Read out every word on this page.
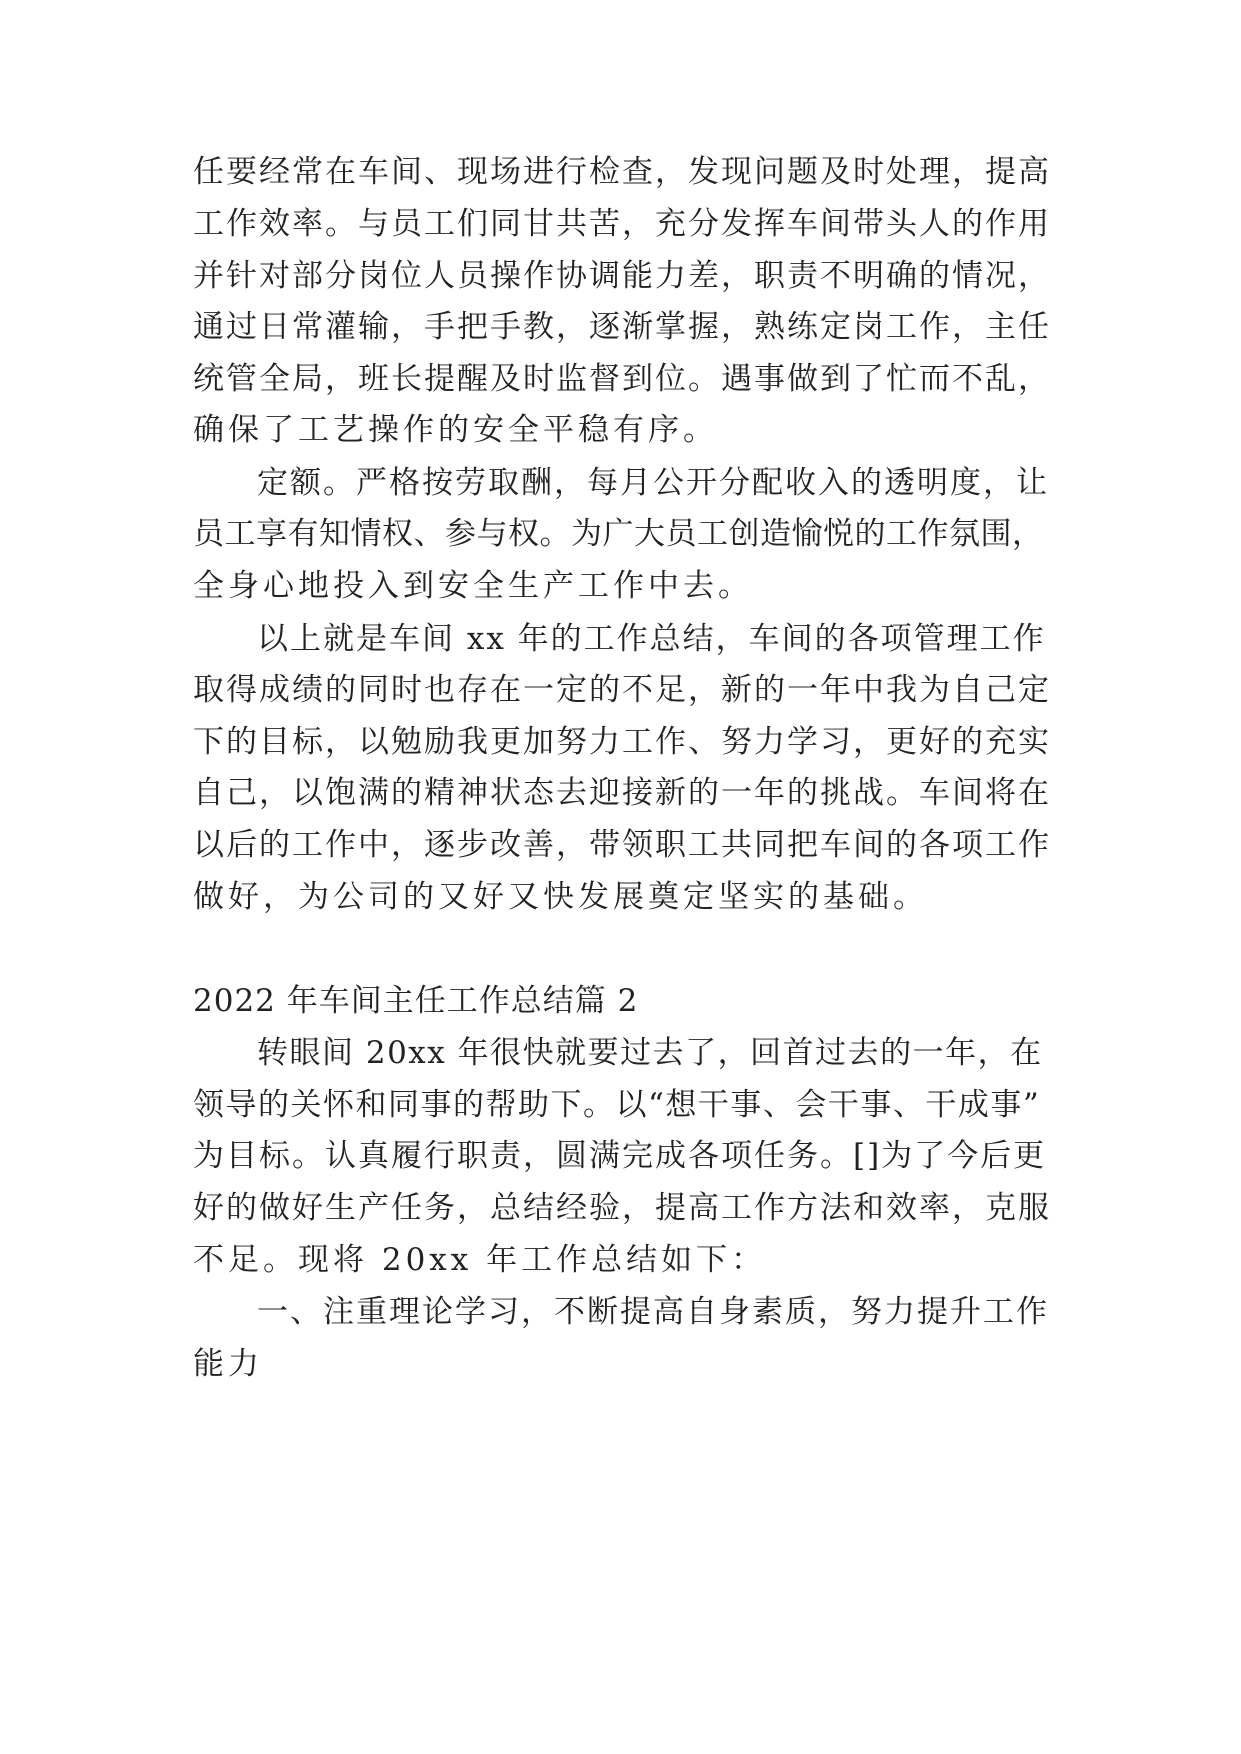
任要经常在车间、现场进行检查，发现问题及时处理，提高

工作效率。与员工们同甘共苦，充分发挥车间带头人的作用

并针对部分岗位人员操作协调能力差，职责不明确的情况，

通过日常灌输，手把手教，逐渐掌握，熟练定岗工作，主任

统管全局，班长提醒及时监督到位。遇事做到了忙而不乱，

确保了工艺操作的安全平稳有序。

定额。严格按劳取酬，每月公开分配收入的透明度，让

员工享有知情权、参与权。为广大员工创造愉悦的工作氛围，

全身心地投入到安全生产工作中去。

以上就是车间 xx 年的工作总结，车间的各项管理工作

取得成绩的同时也存在一定的不足，新的一年中我为自己定

下的目标，以勉励我更加努力工作、努力学习，更好的充实

自己，以饱满的精神状态去迎接新的一年的挑战。车间将在

以后的工作中，逐步改善，带领职工共同把车间的各项工作

做好，为公司的又好又快发展奠定坚实的基础。

2022 年车间主任工作总结篇 2

转眼间 20xx 年很快就要过去了，回首过去的一年，在

领导的关怀和同事的帮助下。以“想干事、会干事、干成事”

为目标。认真履行职责，圆满完成各项任务。[]为了今后更

好的做好生产任务，总结经验，提高工作方法和效率，克服

不足。现将 20xx 年工作总结如下：

一、注重理论学习，不断提高自身素质，努力提升工作

能力
